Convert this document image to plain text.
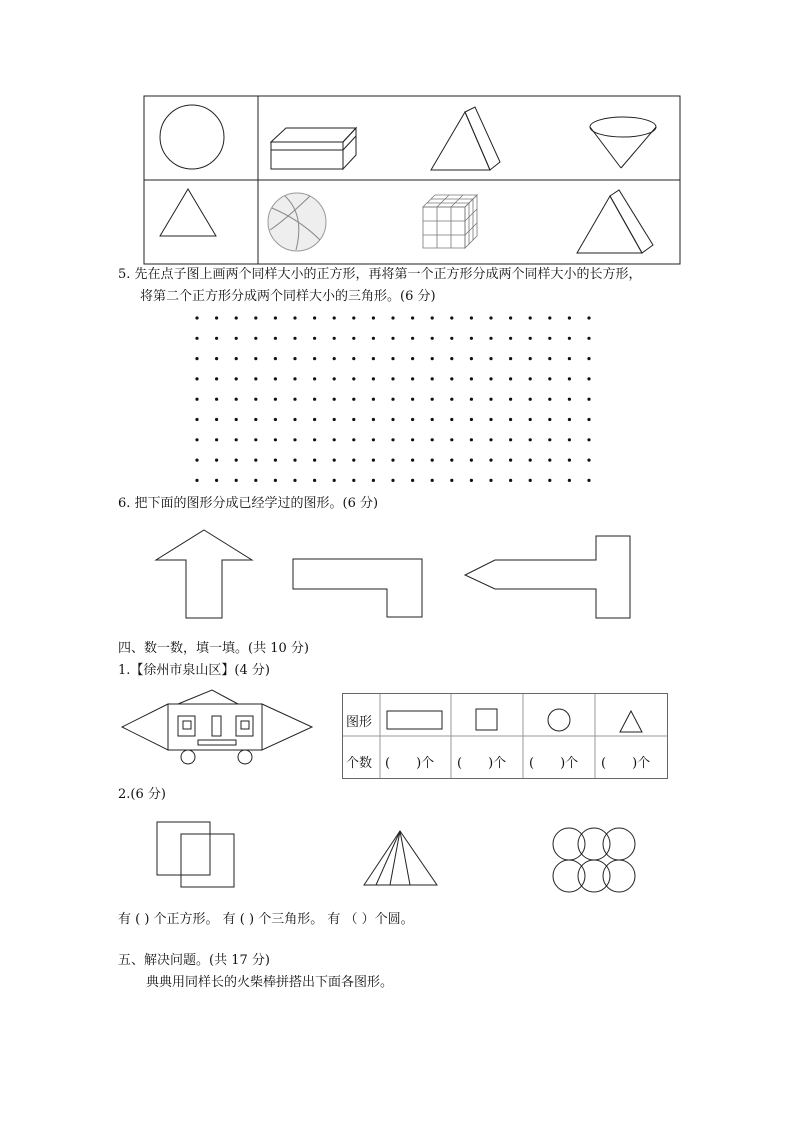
5. 先在点子图上画两个同样大小的正方形，再将第一个正方形分成两个同样大小的长方形，
将第二个正方形分成两个同样大小的三角形。(6 分)
6. 把下面的图形分成已经学过的图形。(6 分)
四、数一数，填一填。(共 10 分)
1.【徐州市泉山区】(4 分)
图形
个数 (　　)个 (　　)个 (　　)个 (　　)个
2.(6 分)
有 ( ) 个正方形。 有 ( ) 个三角形。 有 （ ）个圆。
五、解决问题。(共 17 分)
典典用同样长的火柴棒拼搭出下面各图形。
